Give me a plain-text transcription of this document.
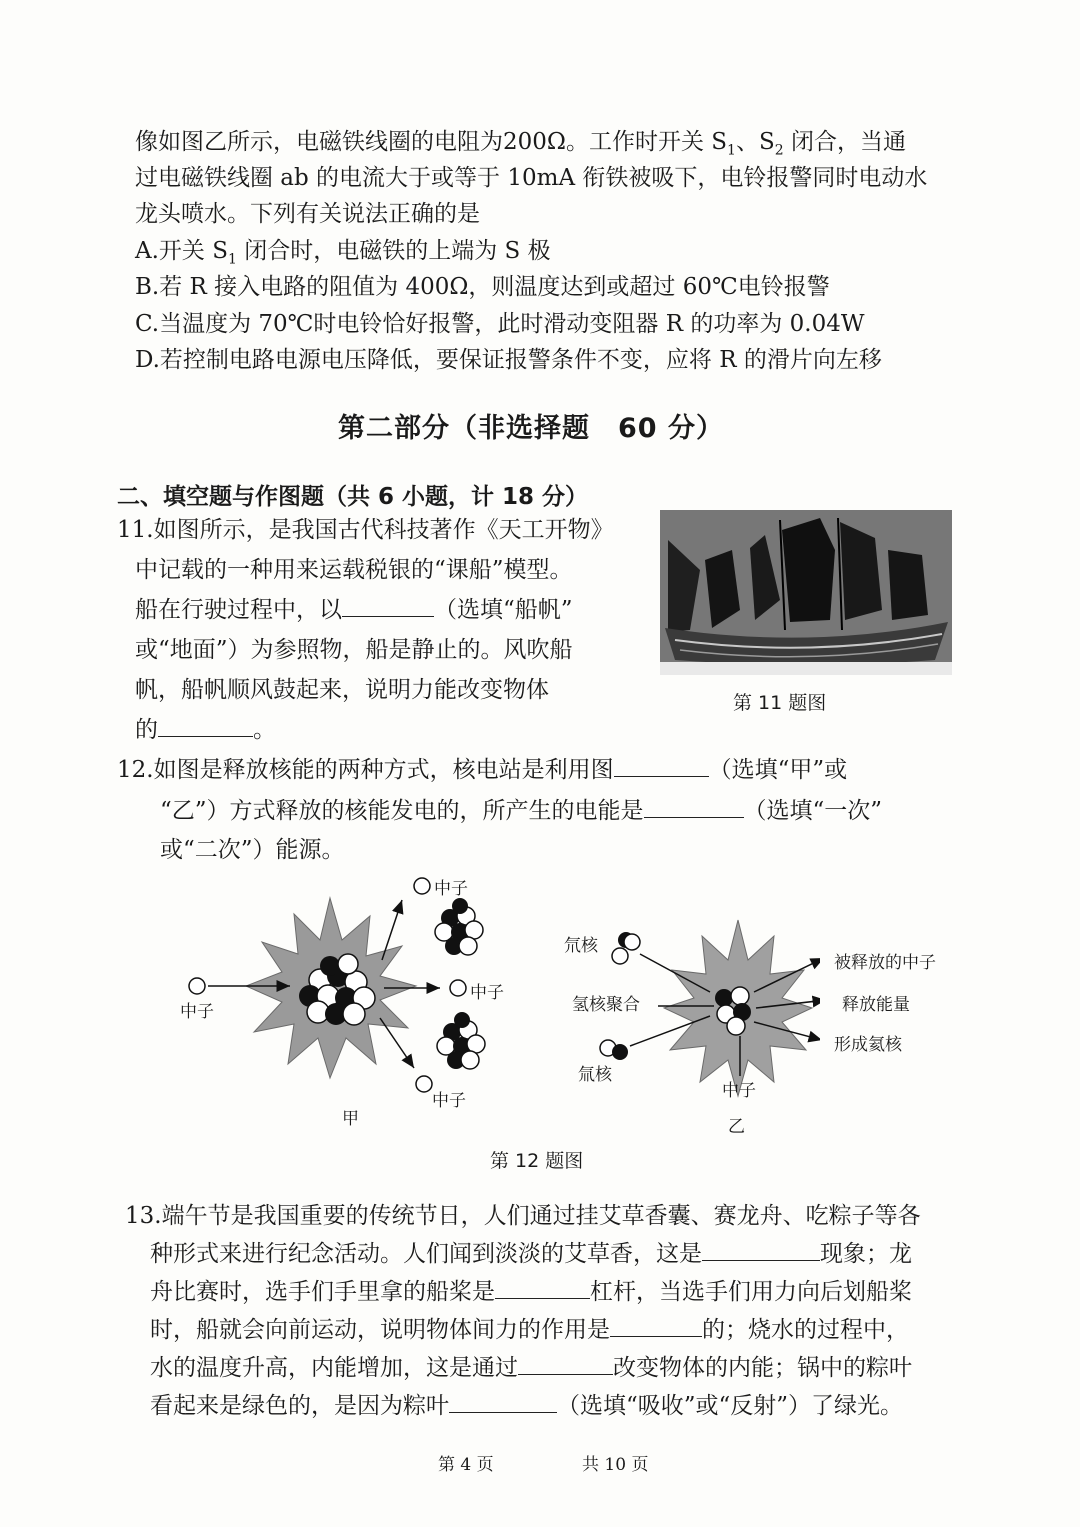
像如图乙所示，电磁铁线圈的电阻为200Ω。工作时开关 $S_1$、$S_2$ 闭合，当通
过电磁铁线圈 ab 的电流大于或等于 10mA 衔铁被吸下，电铃报警同时电动水
龙头喷水。下列有关说法正确的是
A.开关 $S_1$ 闭合时，电磁铁的上端为 S 极
B.若 R 接入电路的阻值为 400Ω，则温度达到或超过 60℃电铃报警
C.当温度为 70℃时电铃恰好报警，此时滑动变阻器 R 的功率为 0.04W
D.若控制电路电源电压降低，要保证报警条件不变，应将 R 的滑片向左移
第二部分（非选择题　60 分）
二、填空题与作图题（共 6 小题，计 18 分）
11.如图所示，是我国古代科技著作《天工开物》
中记载的一种用来运载税银的“课船”模型。
船在行驶过程中，以	（选填“船帆”
或“地面”）为参照物，船是静止的。风吹船
帆，船帆顺风鼓起来，说明力能改变物体
的	。
第 11 题图
12.如图是释放核能的两种方式，核电站是利用图	（选填“甲”或
“乙”）方式释放的核能发电的，所产生的电能是	（选填“一次”
或“二次”）能源。
中子
中子
中子
中子
甲
氘核
氢核聚合
氚核
中子
被释放的中子
释放能量
形成氦核
乙
第 12 题图
13.端午节是我国重要的传统节日，人们通过挂艾草香囊、赛龙舟、吃粽子等各
种形式来进行纪念活动。人们闻到淡淡的艾草香，这是	现象；龙
舟比赛时，选手们手里拿的船桨是	杠杆，当选手们用力向后划船桨
时，船就会向前运动，说明物体间力的作用是	的；烧水的过程中，
水的温度升高，内能增加，这是通过	改变物体的内能；锅中的粽叶
看起来是绿色的，是因为粽叶	（选填“吸收”或“反射”）了绿光。
第 4 页	共 10 页
